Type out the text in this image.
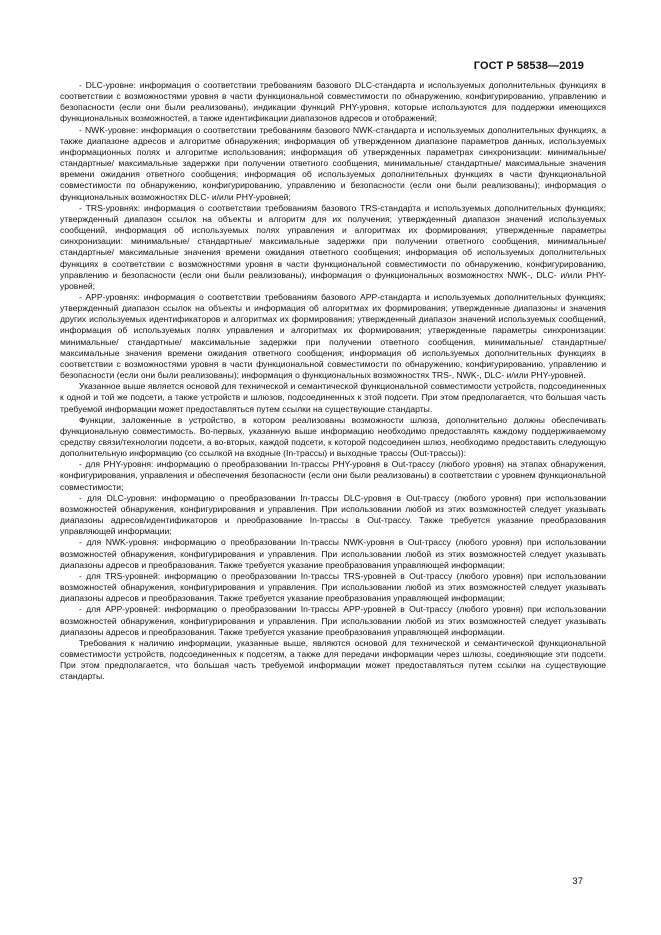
ГОСТ Р 58538—2019

- DLC-уровне: информация о соответствии требованиям базового DLC-стандарта и используемых дополнительных функциях в соответствии с возможностями уровня в части функциональной совместимости по обнаружению, конфигурированию, управлению и безопасности (если они были реализованы), индикации функций PHY-уровня, которые используются для поддержки имеющихся функциональных возможностей, а также идентификации диапазонов адресов и отображений;

- NWK-уровне: информация о соответствии требованиям базового NWK-стандарта и используемых дополнительных функциях, а также диапазоне адресов и алгоритме обнаружения; информация об утвержденном диапазоне параметров данных, используемых информационных полях и алгоритме использования; информация об утвержденных параметрах синхронизации: минимальные/ стандартные/ максимальные задержки при получении ответного сообщения, минимальные/ стандартные/ максимальные значения времени ожидания ответного сообщения; информация об используемых дополнительных функциях в части функциональной совместимости по обнаружению, конфигурированию, управлению и безопасности (если они были реализованы); информация о функциональных возможностях DLC- и/или PHY-уровней;

- TRS-уровнях: информация о соответствии требованиям базового TRS-стандарта и используемых дополнительных функциях; утвержденный диапазон ссылок на объекты и алгоритм для их получения; утвержденный диапазон значений используемых сообщений, информация об используемых полях управления и алгоритмах их формирования; утвержденные параметры синхронизации: минимальные/ стандартные/ максимальные задержки при получении ответного сообщения, минимальные/ стандартные/ максимальные значения времени ожидания ответного сообщения; информация об используемых дополнительных функциях в соответствии с возможностями уровня в части функциональной совместимости по обнаружению, конфигурированию, управлению и безопасности (если они были реализованы), информация о функциональных возможностях NWK-, DLC- и/или PHY-уровней;

- APP-уровнях: информация о соответствии требованиям базового APP-стандарта и используемых дополнительных функциях; утвержденный диапазон ссылок на объекты и информация об алгоритмах их формирования; утвержденные диапазоны и значения других используемых идентификаторов и алгоритмах их формирования; утвержденный диапазон значений используемых сообщений, информация об используемых полях управления и алгоритмах их формирования; утвержденные параметры синхронизации: минимальные/ стандартные/ максимальные задержки при получении ответного сообщения, минимальные/ стандартные/ максимальные значения времени ожидания ответного сообщения; информация об используемых дополнительных функциях в соответствии с возможностями уровня в части функциональной совместимости по обнаружению, конфигурированию, управлению и безопасности (если они были реализованы); информация о функциональных возможностях TRS-, NWK-, DLC- и/или PHY-уровней.

Указанное выше является основой для технической и семантической функциональной совместимости устройств, подсоединенных к одной и той же подсети, а также устройств и шлюзов, подсоединенных к этой подсети. При этом предполагается, что большая часть требуемой информации может предоставляться путем ссылки на существующие стандарты.

Функции, заложенные в устройство, в котором реализованы возможности шлюза, дополнительно должны обеспечивать функциональную совместимость. Во-первых, указанную выше информацию необходимо предоставлять каждому поддерживаемому средству связи/технологии подсети, а во-вторых, каждой подсети, к которой подсоединен шлюз, необходимо предоставить следующую дополнительную информацию (со ссылкой на входные (In-трассы) и выходные трассы (Out-трассы)):

- для PHY-уровня: информацию о преобразовании In-трассы PHY-уровня в Out-трассу (любого уровня) на этапах обнаружения, конфигурирования, управления и обеспечения безопасности (если они были реализованы) в соответствии с уровнем функциональной совместимости;

- для DLC-уровня: информацию о преобразовании In-трассы DLC-уровня в Out-трассу (любого уровня) при использовании возможностей обнаружения, конфигурирования и управления. При использовании любой из этих возможностей следует указывать диапазоны адресов/идентификаторов и преобразование In-трассы в Out-трассу. Также требуется указание преобразования управляющей информации;

- для NWK-уровня: информацию о преобразовании In-трассы NWK-уровня в Out-трассу (любого уровня) при использовании возможностей обнаружения, конфигурирования и управления. При использовании любой из этих возможностей следует указывать диапазоны адресов и преобразования. Также требуется указание преобразования управляющей информации;

- для TRS-уровней: информацию о преобразовании In-трассы TRS-уровней в Out-трассу (любого уровня) при использовании возможностей обнаружения, конфигурирования и управления. При использовании любой из этих возможностей следует указывать диапазоны адресов и преобразования. Также требуется указание преобразования управляющей информации;

- для APP-уровней: информацию о преобразовании In-трассы APP-уровней в Out-трассу (любого уровня) при использовании возможностей обнаружения, конфигурирования и управления. При использовании любой из этих возможностей следует указывать диапазоны адресов и преобразования. Также требуется указание преобразования управляющей информации.

Требования к наличию информации, указанные выше, являются основой для технической и семантической функциональной совместимости устройств, подсоединенных к подсетям, а также для передачи информации через шлюзы, соединяющие эти подсети. При этом предполагается, что большая часть требуемой информации может предоставляться путем ссылки на существующие стандарты.

37
